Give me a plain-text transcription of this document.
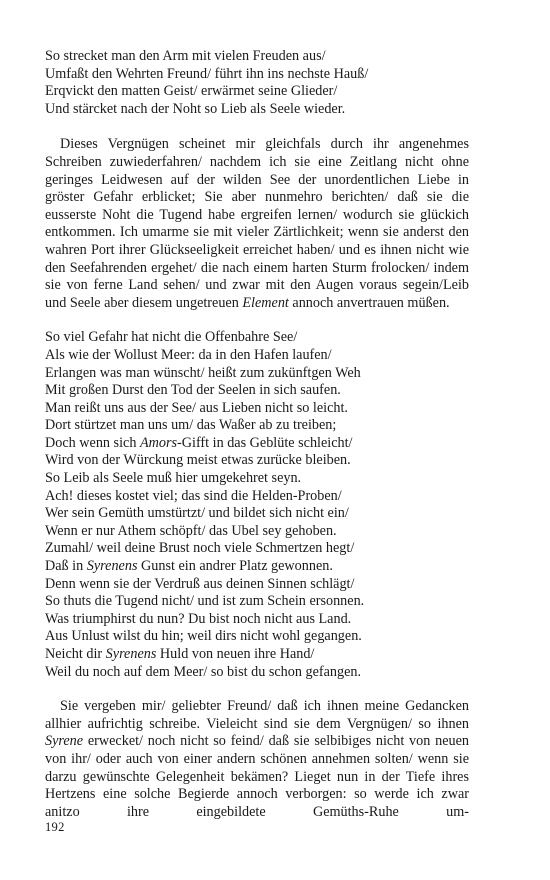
So strecket man den Arm mit vielen Freuden aus/
Umfaßt den Wehrten Freund/ führt ihn ins nechste Hauß/
Erqvickt den matten Geist/ erwärmet seine Glieder/
Und stärcket nach der Noht so Lieb als Seele wieder.

Dieses Vergnügen scheinet mir gleichfals durch ihr angenehmes Schreiben zuwiederfahren/ nachdem ich sie eine Zeitlang nicht ohne geringes Leidwesen auf der wilden See der unordentlichen Liebe in gröster Gefahr erblicket; Sie aber nunmehro berichten/ daß sie die eusserste Noht die Tugend habe ergreifen lernen/ wodurch sie glückich entkommen. Ich umarme sie mit vieler Zärtlichkeit; wenn sie anderst den wahren Port ihrer Glückseeligkeit erreichet haben/ und es ihnen nicht wie den Seefahrenden ergehet/ die nach einem harten Sturm frolocken/ indem sie von ferne Land sehen/ und zwar mit den Augen voraus segein/Leib und Seele aber diesem ungetreuen Element annoch anvertrauen müßen.

So viel Gefahr hat nicht die Offenbahre See/
Als wie der Wollust Meer: da in den Hafen laufen/
Erlangen was man wünscht/ heißt zum zukünftgen Weh
Mit großen Durst den Tod der Seelen in sich saufen.
Man reißt uns aus der See/ aus Lieben nicht so leicht.
Dort stürtzet man uns um/ das Waßer ab zu treiben;
Doch wenn sich Amors-Gifft in das Geblüte schleicht/
Wird von der Würckung meist etwas zurücke bleiben.
So Leib als Seele muß hier umgekehret seyn.
Ach! dieses kostet viel; das sind die Helden-Proben/
Wer sein Gemüth umstürtzt/ und bildet sich nicht ein/
Wenn er nur Athem schöpft/ das Ubel sey gehoben.
Zumahl/ weil deine Brust noch viele Schmertzen hegt/
Daß in Syrenens Gunst ein andrer Platz gewonnen.
Denn wenn sie der Verdruß aus deinen Sinnen schlägt/
So thuts die Tugend nicht/ und ist zum Schein ersonnen.
Was triumphirst du nun? Du bist noch nicht aus Land.
Aus Unlust wilst du hin; weil dirs nicht wohl gegangen.
Neicht dir Syrenens Huld von neuen ihre Hand/
Weil du noch auf dem Meer/ so bist du schon gefangen.

Sie vergeben mir/ geliebter Freund/ daß ich ihnen meine Gedancken allhier aufrichtig schreibe. Vieleicht sind sie dem Vergnügen/ so ihnen Syrene erwecket/ noch nicht so feind/ daß sie selbibiges nicht von neuen von ihr/ oder auch von einer andern schönen annehmen solten/ wenn sie darzu gewünschte Gelegenheit bekämen? Lieget nun in der Tiefe ihres Hertzens eine solche Begierde annoch verborgen: so werde ich zwar anitzo ihre eingebildete Gemüths-Ruhe um-

192
